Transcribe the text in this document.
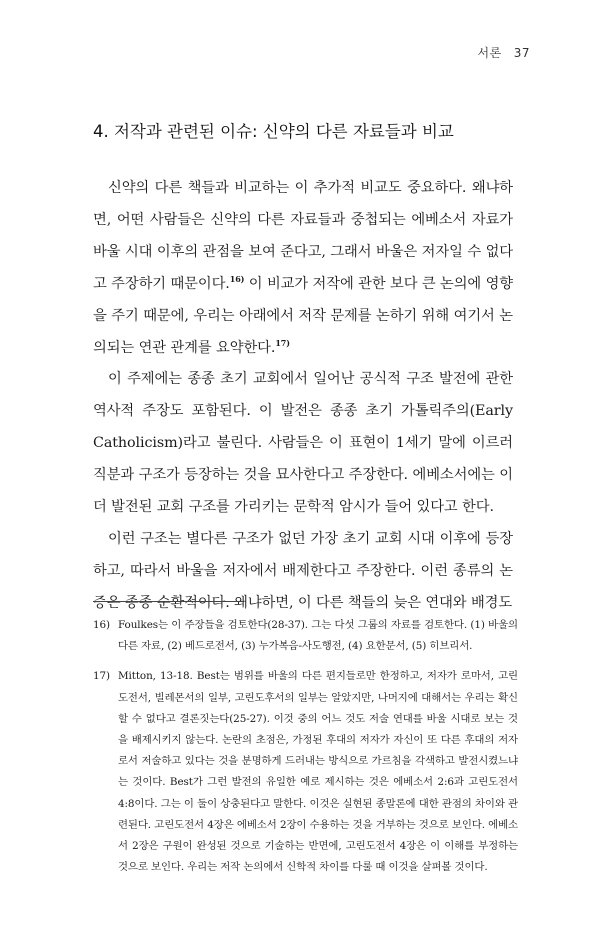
서론 37
4. 저작과 관련된 이슈: 신약의 다른 자료들과 비교

신약의 다른 책들과 비교하는 이 추가적 비교도 중요하다. 왜냐하면, 어떤 사람들은 신약의 다른 자료들과 중첩되는 에베소서 자료가 바울 시대 이후의 관점을 보여 준다고, 그래서 바울은 저자일 수 없다고 주장하기 때문이다.$^{16)}$ 이 비교가 저작에 관한 보다 큰 논의에 영향을 주기 때문에, 우리는 아래에서 저작 문제를 논하기 위해 여기서 논의되는 연관 관계를 요약한다.$^{17)}$

이 주제에는 종종 초기 교회에서 일어난 공식적 구조 발전에 관한 역사적 주장도 포함된다. 이 발전은 종종 초기 가톨릭주의(Early Catholicism)라고 불린다. 사람들은 이 표현이 1세기 말에 이르러 직분과 구조가 등장하는 것을 묘사한다고 주장한다. 에베소서에는 이 더 발전된 교회 구조를 가리키는 문학적 암시가 들어 있다고 한다.

이런 구조는 별다른 구조가 없던 가장 초기 교회 시대 이후에 등장하고, 따라서 바울을 저자에서 배제한다고 주장한다. 이런 종류의 논증은 종종 순환적이다. 왜냐하면, 이 다른 책들의 늦은 연대와 배경도

16) Foulkes는 이 주장들을 검토한다(28-37). 그는 다섯 그룹의 자료를 검토한다. (1) 바울의 다른 자료, (2) 베드로전서, (3) 누가복음-사도행전, (4) 요한문서, (5) 히브리서.
17) Mitton, 13-18. Best는 범위를 바울의 다른 편지들로만 한정하고, 저자가 로마서, 고린도전서, 빌레몬서의 일부, 고린도후서의 일부는 알았지만, 나머지에 대해서는 우리는 확신할 수 없다고 결론짓는다(25-27). 이것 중의 어느 것도 저술 연대를 바울 시대로 보는 것을 배제시키지 않는다. 논란의 초점은, 가정된 후대의 저자가 자신이 또 다른 후대의 저자로서 저술하고 있다는 것을 분명하게 드러내는 방식으로 가르침을 각색하고 발전시켰느냐는 것이다. Best가 그런 발전의 유일한 예로 제시하는 것은 에베소서 2:6과 고린도전서 4:8이다. 그는 이 둘이 상충된다고 말한다. 이것은 실현된 종말론에 대한 관점의 차이와 관련된다. 고린도전서 4장은 에베소서 2장이 수용하는 것을 거부하는 것으로 보인다. 에베소서 2장은 구원이 완성된 것으로 기술하는 반면에, 고린도전서 4장은 이 이해를 부정하는 것으로 보인다. 우리는 저작 논의에서 신학적 차이를 다룰 때 이것을 살펴볼 것이다.
